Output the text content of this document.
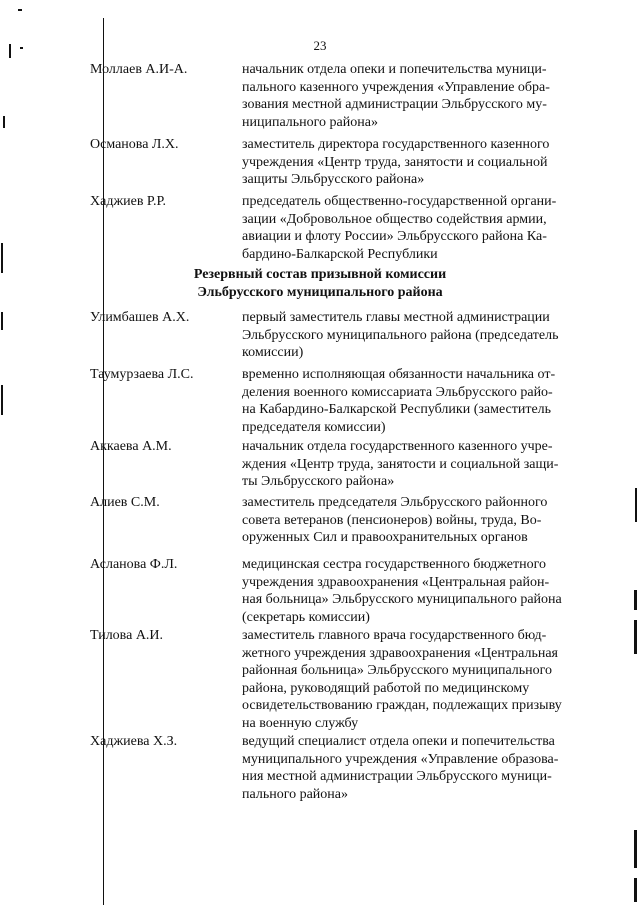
23
Моллаев А.И-А.	начальник отдела опеки и попечительства муници-
пального казенного учреждения «Управление обра-
зования местной администрации Эльбрусского му-
ниципального района»
Османова Л.Х.	заместитель директора государственного казенного
учреждения «Центр труда, занятости и социальной
защиты Эльбрусского района»
Хаджиев Р.Р.	председатель общественно-государственной органи-
зации «Добровольное общество содействия армии,
авиации и флоту России» Эльбрусского района Ка-
бардино-Балкарской Республики
Резервный состав призывной комиссии
Эльбрусского муниципального района
Улимбашев А.Х.	первый заместитель главы местной администрации
Эльбрусского муниципального района (председатель
комиссии)
Таумурзаева Л.С.	временно исполняющая обязанности начальника от-
деления военного комиссариата Эльбрусского райо-
на Кабардино-Балкарской Республики (заместитель
председателя комиссии)
Аккаева А.М.	начальник отдела государственного казенного учре-
ждения «Центр труда, занятости и социальной защи-
ты Эльбрусского района»
Алиев С.М.	заместитель председателя Эльбрусского районного
совета ветеранов (пенсионеров) войны, труда, Во-
оруженных Сил и правоохранительных органов
Асланова Ф.Л.	медицинская сестра государственного бюджетного
учреждения здравоохранения «Центральная район-
ная больница» Эльбрусского муниципального района
(секретарь комиссии)
Тилова А.И.	заместитель главного врача государственного бюд-
жетного учреждения здравоохранения «Центральная
районная больница» Эльбрусского муниципального
района, руководящий работой по медицинскому
освидетельствованию граждан, подлежащих призыву
на военную службу
Хаджиева Х.З.	ведущий специалист отдела опеки и попечительства
муниципального учреждения «Управление образова-
ния местной администрации Эльбрусского муници-
пального района»
